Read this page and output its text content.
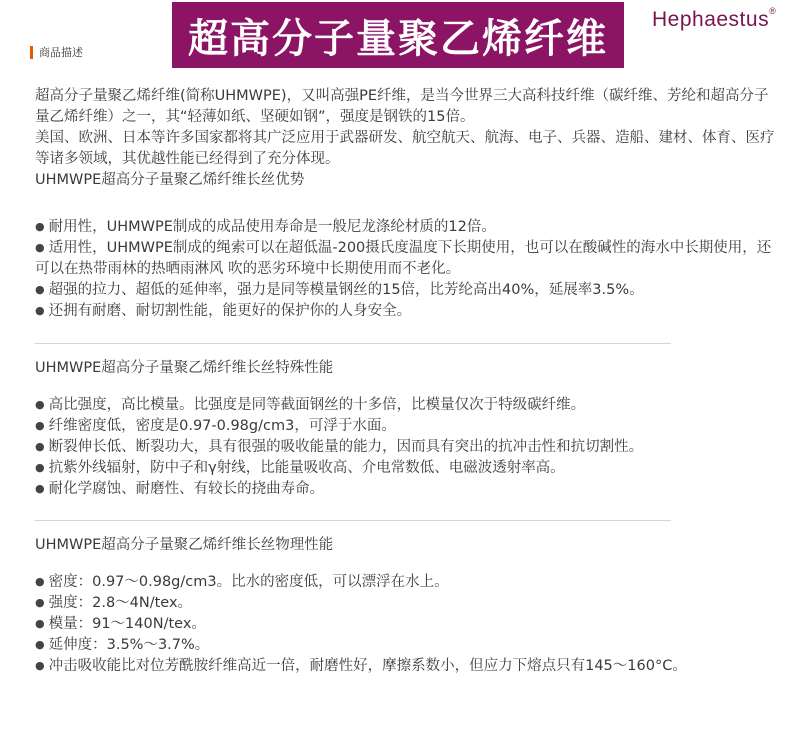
超高分子量聚乙烯纤维 Hephaestus®
商品描述

超高分子量聚乙烯纤维(简称UHMWPE)，又叫高强PE纤维，是当今世界三大高科技纤维（碳纤维、芳纶和超高分子量乙烯纤维）之一，其“轻薄如纸、坚硬如钢”，强度是钢铁的15倍。

美国、欧洲、日本等许多国家都将其广泛应用于武器研发、航空航天、航海、电子、兵器、造船、建材、体育、医疗等诸多领域，其优越性能已经得到了充分体现。

UHMWPE超高分子量聚乙烯纤维长丝优势

● 耐用性，UHMWPE制成的成品使用寿命是一般尼龙涤纶材质的12倍。
● 适用性，UHMWPE制成的绳索可以在超低温-200摄氏度温度下长期使用，也可以在酸碱性的海水中长期使用，还可以在热带雨林的热晒雨淋风 吹的恶劣环境中长期使用而不老化。
● 超强的拉力、超低的延伸率，强力是同等模量钢丝的15倍，比芳纶高出40%，延展率3.5%。
● 还拥有耐磨、耐切割性能，能更好的保护你的人身安全。

UHMWPE超高分子量聚乙烯纤维长丝特殊性能

● 高比强度，高比模量。比强度是同等截面钢丝的十多倍，比模量仅次于特级碳纤维。
● 纤维密度低，密度是0.97-0.98g/cm3，可浮于水面。
● 断裂伸长低、断裂功大，具有很强的吸收能量的能力，因而具有突出的抗冲击性和抗切割性。
● 抗紫外线辐射，防中子和γ射线，比能量吸收高、介电常数低、电磁波透射率高。
● 耐化学腐蚀、耐磨性、有较长的挠曲寿命。

UHMWPE超高分子量聚乙烯纤维长丝物理性能

● 密度：0.97～0.98g/cm3。比水的密度低，可以漂浮在水上。
● 强度：2.8～4N/tex。
● 模量：91～140N/tex。
● 延伸度：3.5%～3.7%。
● 冲击吸收能比对位芳酰胺纤维高近一倍，耐磨性好，摩擦系数小，但应力下熔点只有145～160°C。
